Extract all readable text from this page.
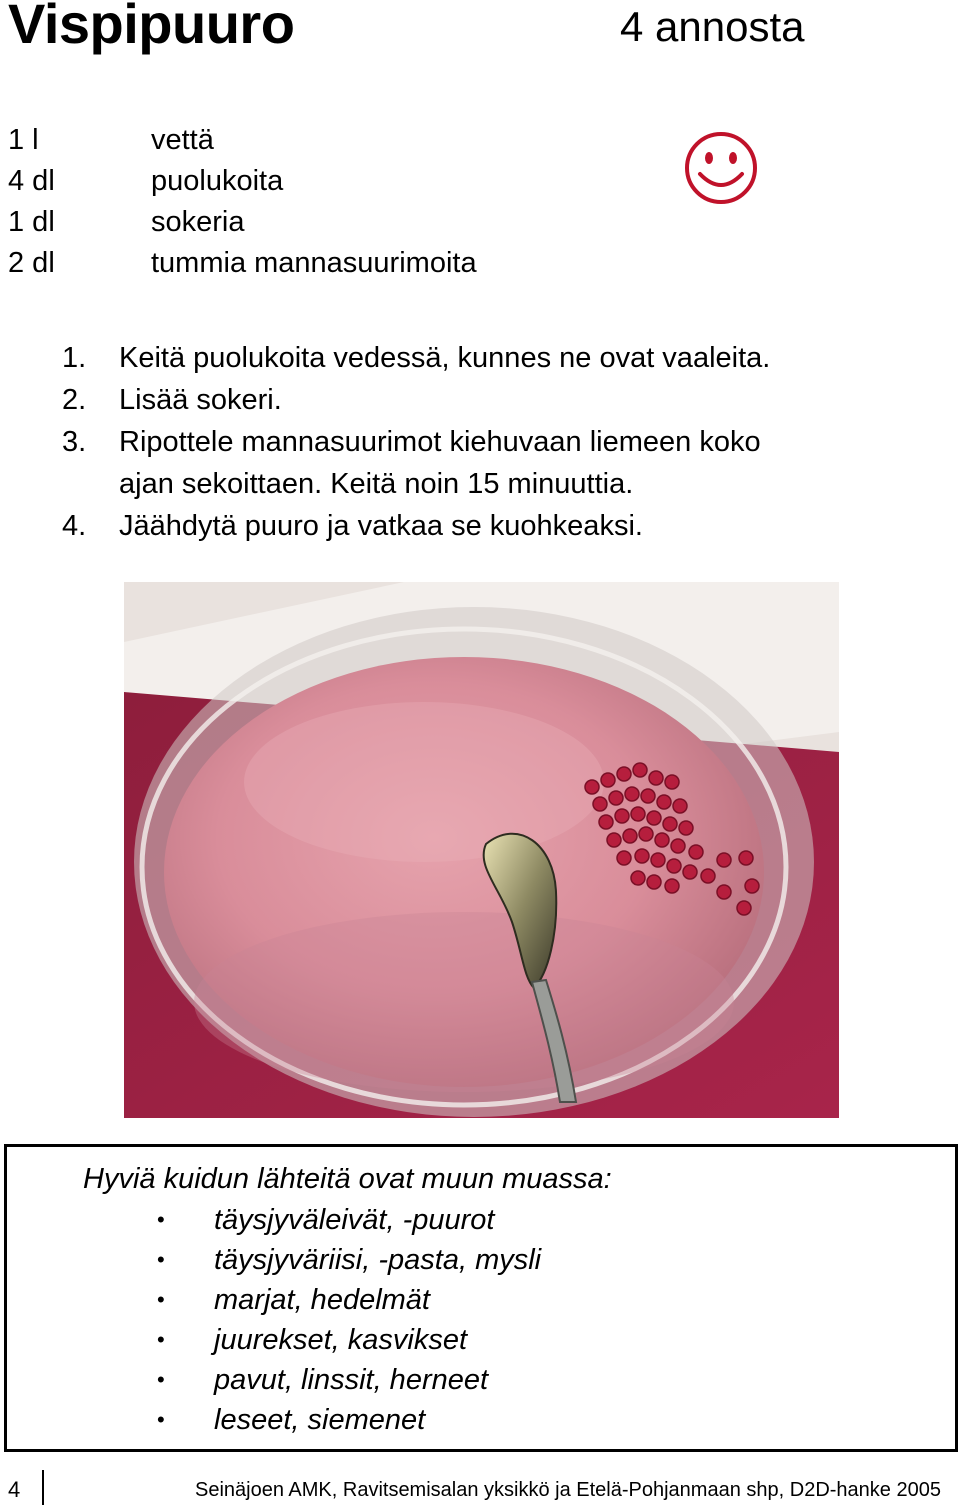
Vispipuuro	4 annosta
1 l	vettä
4 dl	puolukoita
1 dl	sokeria
2 dl	tummia mannasuurimoita
1.	Keitä puolukoita vedessä, kunnes ne ovat vaaleita.
2.	Lisää sokeri.
3.	Ripottele mannasuurimot kiehuvaan liemeen koko
ajan sekoittaen. Keitä noin 15 minuuttia.
4.	Jäähdytä puuro ja vatkaa se kuohkeaksi.
Hyviä kuidun lähteitä ovat muun muassa:
•	täysjyväleivät, -puurot
•	täysjyväriisi, -pasta, mysli
•	marjat, hedelmät
•	juurekset, kasvikset
•	pavut, linssit, herneet
•	leseet, siemenet
4	Seinäjoen AMK, Ravitsemisalan yksikkö ja Etelä-Pohjanmaan shp, D2D-hanke 2005
